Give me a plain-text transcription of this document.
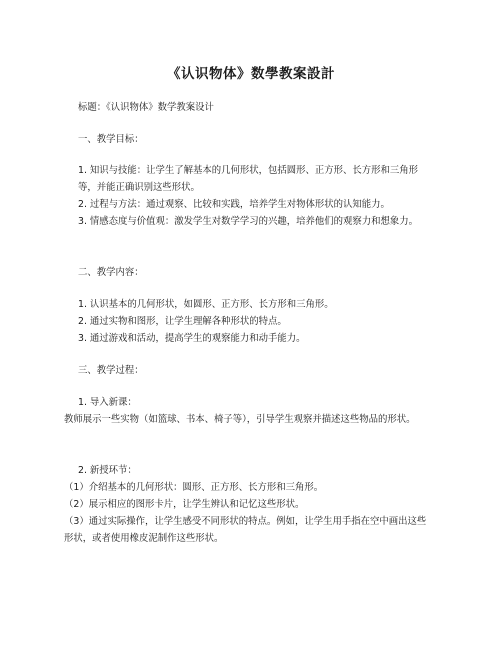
《认识物体》数學教案設計
标题：《认识物体》数学教案设计
一、教学目标：
1. 知识与技能：让学生了解基本的几何形状，包括圆形、正方形、长方形和三角形等，并能正确识别这些形状。
2. 过程与方法：通过观察、比较和实践，培养学生对物体形状的认知能力。
3. 情感态度与价值观：激发学生对数学学习的兴趣，培养他们的观察力和想象力。
二、教学内容：
1. 认识基本的几何形状，如圆形、正方形、长方形和三角形。
2. 通过实物和图形，让学生理解各种形状的特点。
3. 通过游戏和活动，提高学生的观察能力和动手能力。
三、教学过程：
1. 导入新课：
教师展示一些实物（如篮球、书本、椅子等），引导学生观察并描述这些物品的形状。
2. 新授环节：
（1）介绍基本的几何形状：圆形、正方形、长方形和三角形。
（2）展示相应的图形卡片，让学生辨认和记忆这些形状。
（3）通过实际操作，让学生感受不同形状的特点。例如，让学生用手指在空中画出这些形状，或者使用橡皮泥制作这些形状。
